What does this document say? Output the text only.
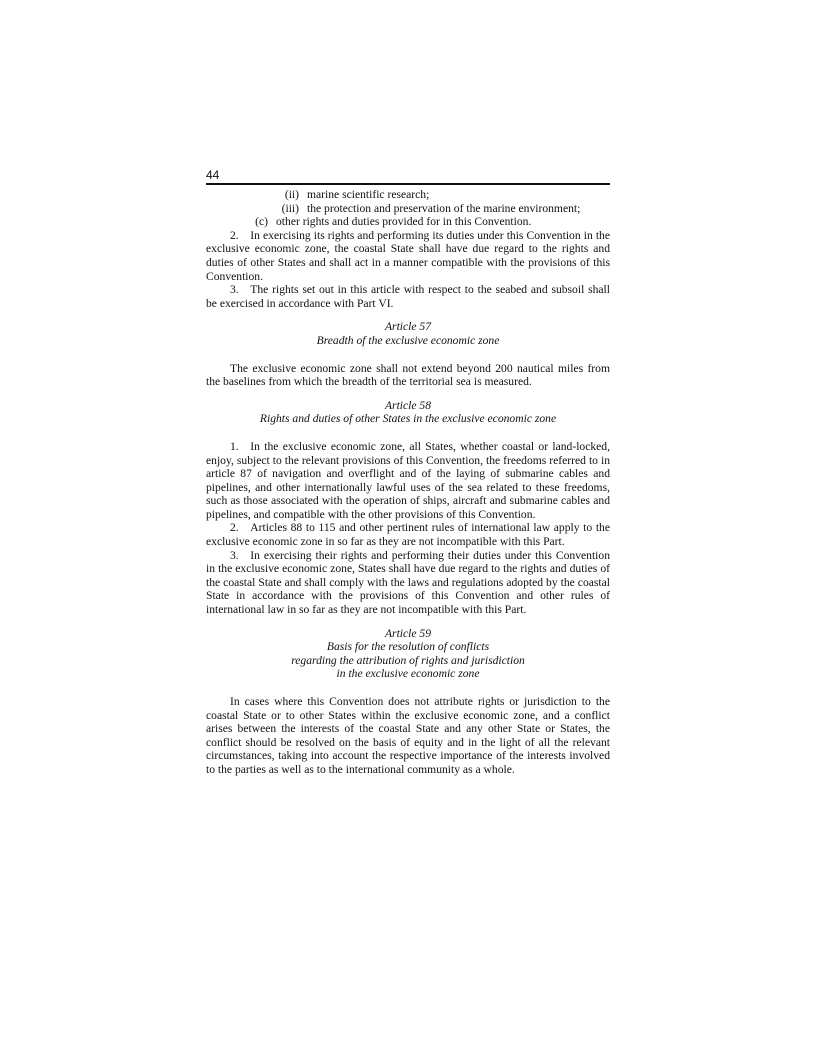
44
(ii) marine scientific research;
(iii) the protection and preservation of the marine environment;
(c) other rights and duties provided for in this Convention.

2. In exercising its rights and performing its duties under this Convention in the exclusive economic zone, the coastal State shall have due regard to the rights and duties of other States and shall act in a manner compatible with the provisions of this Convention.

3. The rights set out in this article with respect to the seabed and subsoil shall be exercised in accordance with Part VI.

Article 57

Breadth of the exclusive economic zone

The exclusive economic zone shall not extend beyond 200 nautical miles from the baselines from which the breadth of the territorial sea is measured.

Article 58

Rights and duties of other States in the exclusive economic zone

1. In the exclusive economic zone, all States, whether coastal or land-locked, enjoy, subject to the relevant provisions of this Convention, the freedoms referred to in article 87 of navigation and overflight and of the laying of submarine cables and pipelines, and other internationally lawful uses of the sea related to these freedoms, such as those associated with the operation of ships, aircraft and submarine cables and pipelines, and compatible with the other provisions of this Convention.

2. Articles 88 to 115 and other pertinent rules of international law apply to the exclusive economic zone in so far as they are not incompatible with this Part.

3. In exercising their rights and performing their duties under this Convention in the exclusive economic zone, States shall have due regard to the rights and duties of the coastal State and shall comply with the laws and regulations adopted by the coastal State in accordance with the provisions of this Convention and other rules of international law in so far as they are not incompatible with this Part.

Article 59

Basis for the resolution of conflicts

regarding the attribution of rights and jurisdiction

in the exclusive economic zone

In cases where this Convention does not attribute rights or jurisdiction to the coastal State or to other States within the exclusive economic zone, and a conflict arises between the interests of the coastal State and any other State or States, the conflict should be resolved on the basis of equity and in the light of all the relevant circumstances, taking into account the respective importance of the interests involved to the parties as well as to the international community as a whole.
